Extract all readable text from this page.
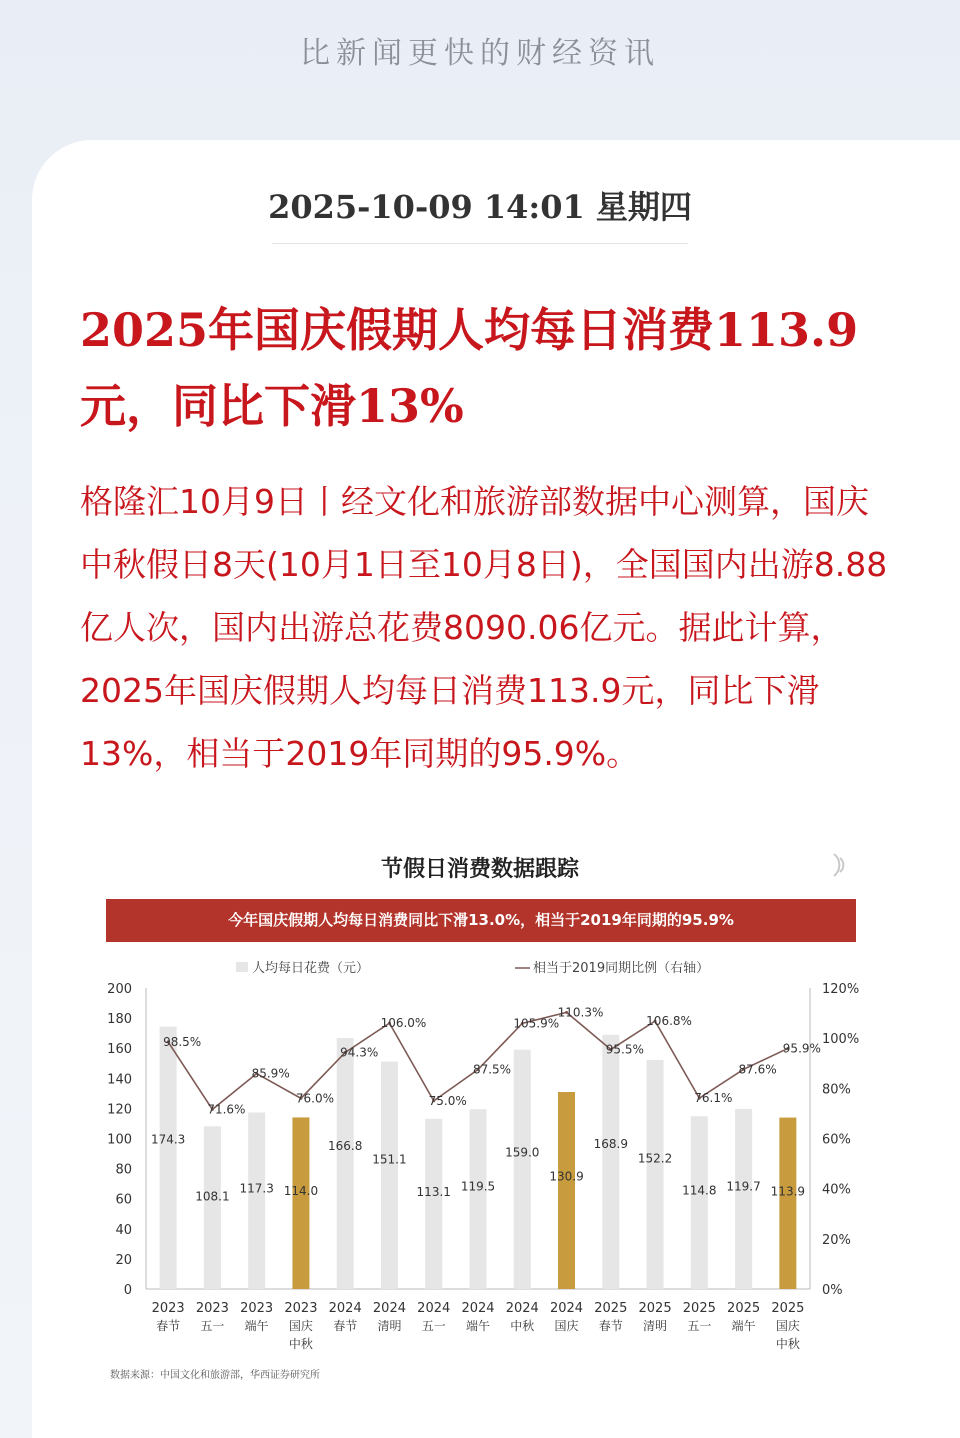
比新闻更快的财经资讯
2025-10-09 14:01 星期四
2025年国庆假期人均每日消费113.9元，同比下滑13%
格隆汇10月9日丨经文化和旅游部数据中心测算，国庆中秋假日8天(10月1日至10月8日)，全国国内出游8.88亿人次，国内出游总花费8090.06亿元。据此计算，2025年国庆假期人均每日消费113.9元，同比下滑13%，相当于2019年同期的95.9%。
节假日消费数据跟踪
今年国庆假期人均每日消费同比下滑13.0%，相当于2019年同期的95.9%
人均每日花费（元）	相当于2019同期比例（右轴）
0
20
40
60
80
100
120
140
160
180
200
0%
20%
40%
60%
80%
100%
120%
174.3
108.1
117.3 114.0
166.8
151.1
113.1 119.5
159.0
130.9
168.9
152.2
114.8 119.7 113.9
98.5%
71.6%
85.9%
76.0%
94.3%
106.0%
75.0%
87.5%
105.9%
110.3%
95.5%
106.8%
76.1%
87.6%
95.9%
2023
春节
2023
五一
2023
端午
2023
国庆
中秋
2024
春节
2024
清明
2024
五一
2024
端午
2024
中秋
2024
国庆
2025
春节
2025
清明
2025
五一
2025
端午
2025
国庆
中秋
数据来源：中国文化和旅游部，华西证券研究所
